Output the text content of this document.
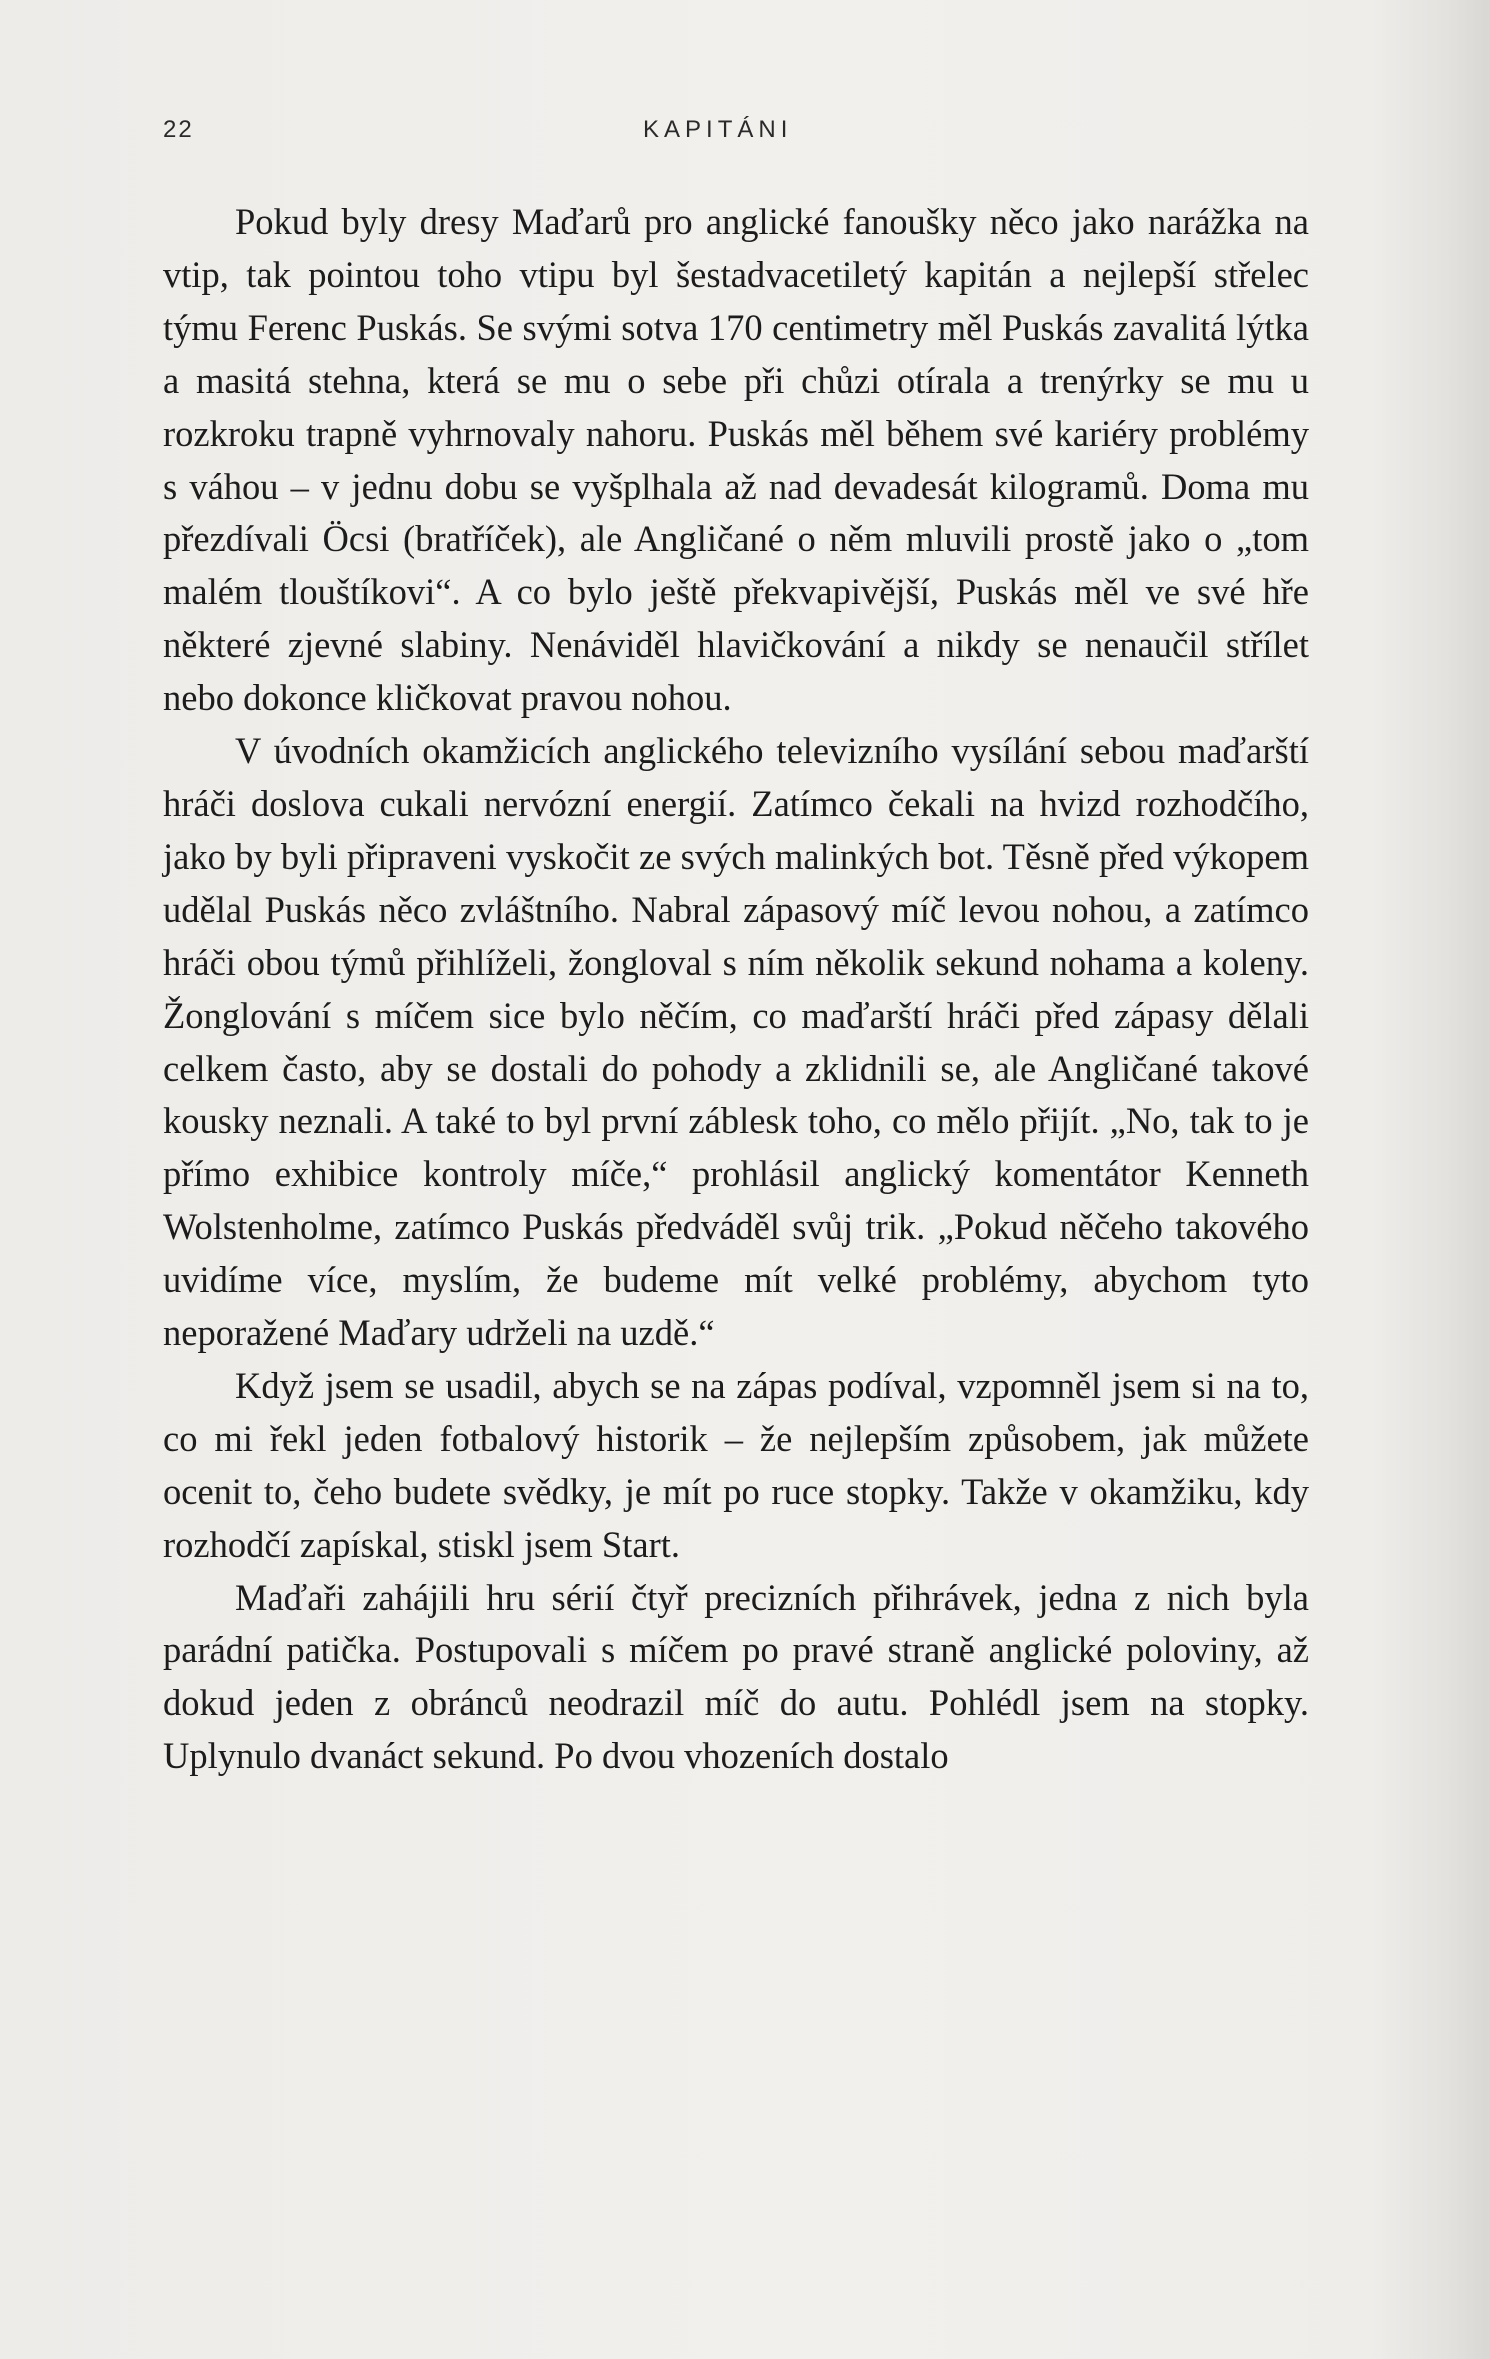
22	KAPITÁNI

Pokud byly dresy Maďarů pro anglické fanoušky něco jako narážka na vtip, tak pointou toho vtipu byl šestadvacetiletý kapitán a nejlepší střelec týmu Ferenc Puskás. Se svými sotva 170 centimetry měl Puskás zavalitá lýtka a masitá stehna, která se mu o sebe při chůzi otírala a trenýrky se mu u rozkroku trapně vyhrnovaly nahoru. Puskás měl během své kariéry problémy s váhou – v jednu dobu se vyšplhala až nad devadesát kilogramů. Doma mu přezdívali Öcsi (bratříček), ale Angličané o něm mluvili prostě jako o „tom malém tlouštíkovi“. A co bylo ještě překvapivější, Puskás měl ve své hře některé zjevné slabiny. Nenáviděl hlavičkování a nikdy se nenaučil střílet nebo dokonce kličkovat pravou nohou.

V úvodních okamžicích anglického televizního vysílání sebou maďarští hráči doslova cukali nervózní energií. Zatímco čekali na hvizd rozhodčího, jako by byli připraveni vyskočit ze svých malinkých bot. Těsně před výkopem udělal Puskás něco zvláštního. Nabral zápasový míč levou nohou, a zatímco hráči obou týmů přihlíželi, žongloval s ním několik sekund nohama a koleny. Žonglování s míčem sice bylo něčím, co maďarští hráči před zápasy dělali celkem často, aby se dostali do pohody a zklidnili se, ale Angličané takové kousky neznali. A také to byl první záblesk toho, co mělo přijít. „No, tak to je přímo exhibice kontroly míče,“ prohlásil anglický komentátor Kenneth Wolstenholme, zatímco Puskás předváděl svůj trik. „Pokud něčeho takového uvidíme více, myslím, že budeme mít velké problémy, abychom tyto neporažené Maďary udrželi na uzdě.“

Když jsem se usadil, abych se na zápas podíval, vzpomněl jsem si na to, co mi řekl jeden fotbalový historik – že nejlepším způsobem, jak můžete ocenit to, čeho budete svědky, je mít po ruce stopky. Takže v okamžiku, kdy rozhodčí zapískal, stiskl jsem Start.

Maďaři zahájili hru sérií čtyř precizních přihrávek, jedna z nich byla parádní patička. Postupovali s míčem po pravé straně anglické poloviny, až dokud jeden z obránců neodrazil míč do autu. Pohlédl jsem na stopky. Uplynulo dvanáct sekund. Po dvou vhozeních dostalo
